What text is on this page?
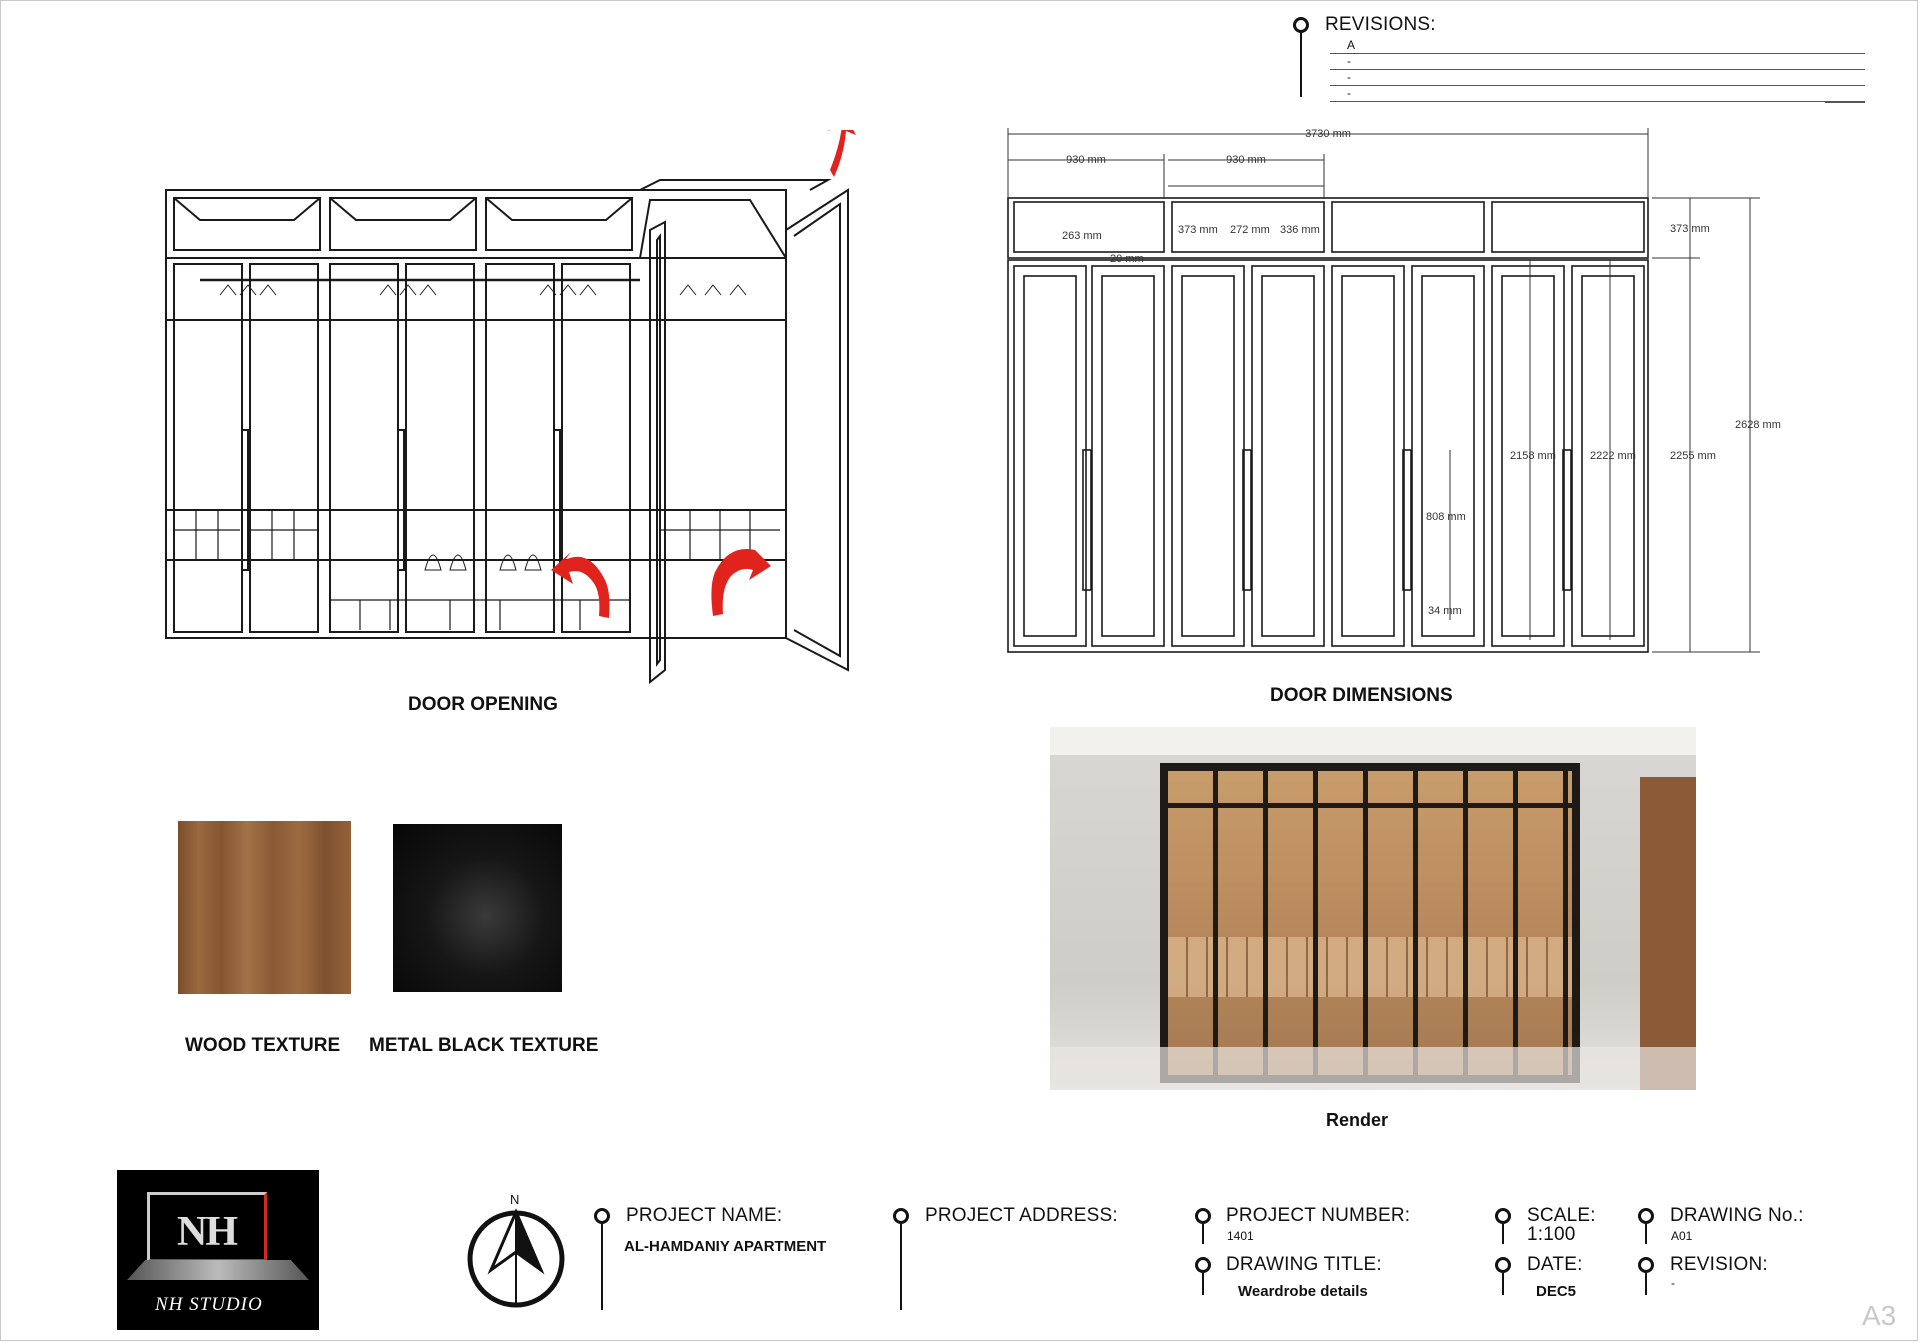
REVISIONS:
A
-
-
-
DOOR OPENING
3730 mm
930 mm	930 mm
263 mm
20 mm
373 mm 272 mm 336 mm	373 mm
2628 mm
2255 mm
2158 mm	2222 mm
808 mm
34 mm
DOOR DIMENSIONS
WOOD TEXTURE METAL BLACK TEXTURE
Render
NH
NH STUDIO
N
PROJECT NAME:
AL-HAMDANIY APARTMENT
PROJECT ADDRESS:	PROJECT NUMBER:
1401
DRAWING TITLE:
Weardrobe details
SCALE:
1:100
DATE:
DEC5
DRAWING No.:
A01
REVISION:
-
A3
